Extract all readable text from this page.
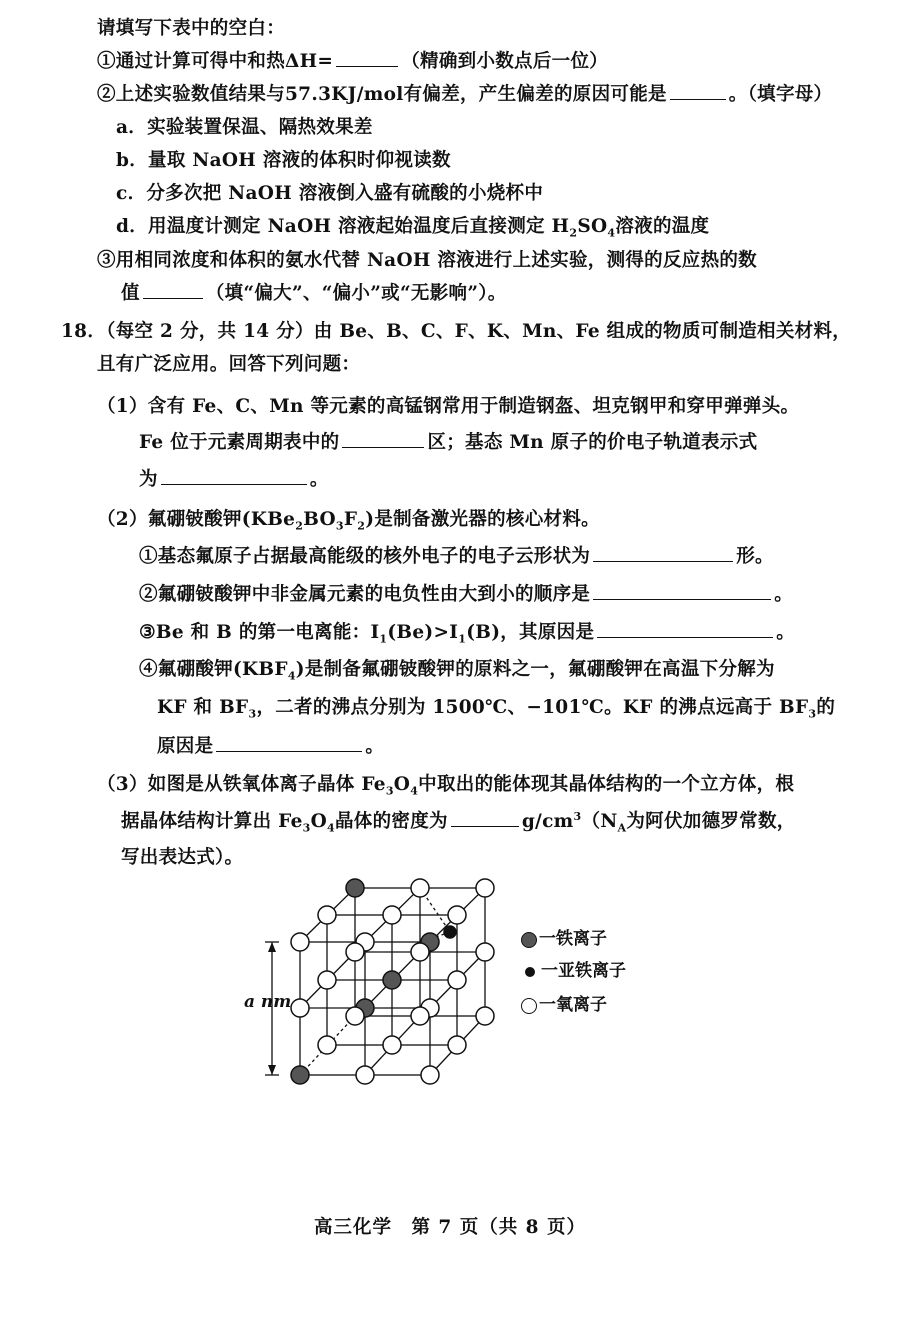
请填写下表中的空白：
①通过计算可得中和热ΔH=	（精确到小数点后一位）
②上述实验数值结果与57.3KJ/mol有偏差，产生偏差的原因可能是	。（填字母）
a．实验装置保温、隔热效果差
b．量取 NaOH 溶液的体积时仰视读数
c．分多次把 NaOH 溶液倒入盛有硫酸的小烧杯中
d．用温度计测定 NaOH 溶液起始温度后直接测定 $H_2SO_4$溶液的温度
③用相同浓度和体积的氨水代替 NaOH 溶液进行上述实验，测得的反应热的数
值	（填“偏大”、“偏小”或“无影响”）。
18．（每空 2 分，共 14 分）由 Be、B、C、F、K、Mn、Fe 组成的物质可制造相关材料，
且有广泛应用。回答下列问题：
（1）含有 Fe、C、Mn 等元素的高锰钢常用于制造钢盔、坦克钢甲和穿甲弹弹头。
Fe 位于元素周期表中的	区；基态 Mn 原子的价电子轨道表示式
为	。
（2）氟硼铍酸钾$(KBe_2BO_3F_2)$是制备激光器的核心材料。
①基态氟原子占据最高能级的核外电子的电子云形状为	形。
②氟硼铍酸钾中非金属元素的电负性由大到小的顺序是	。
③Be 和 B 的第一电离能：$I_1(Be)>I_1(B)$，其原因是	。
④氟硼酸钾$(KBF_4)$是制备氟硼铍酸钾的原料之一，氟硼酸钾在高温下分解为
KF 和 $BF_3$，二者的沸点分别为 1500℃、−101℃。KF 的沸点远高于 $BF_3$的
原因是	。
（3）如图是从铁氧体离子晶体 $Fe_3O_4$中取出的能体现其晶体结构的一个立方体，根
据晶体结构计算出 $Fe_3O_4$晶体的密度为	$g/cm^3(N_A$为阿伏加德罗常数，
写出表达式）。
a nm
一铁离子
一亚铁离子
一氧离子
高三化学　第 7 页（共 8 页）
